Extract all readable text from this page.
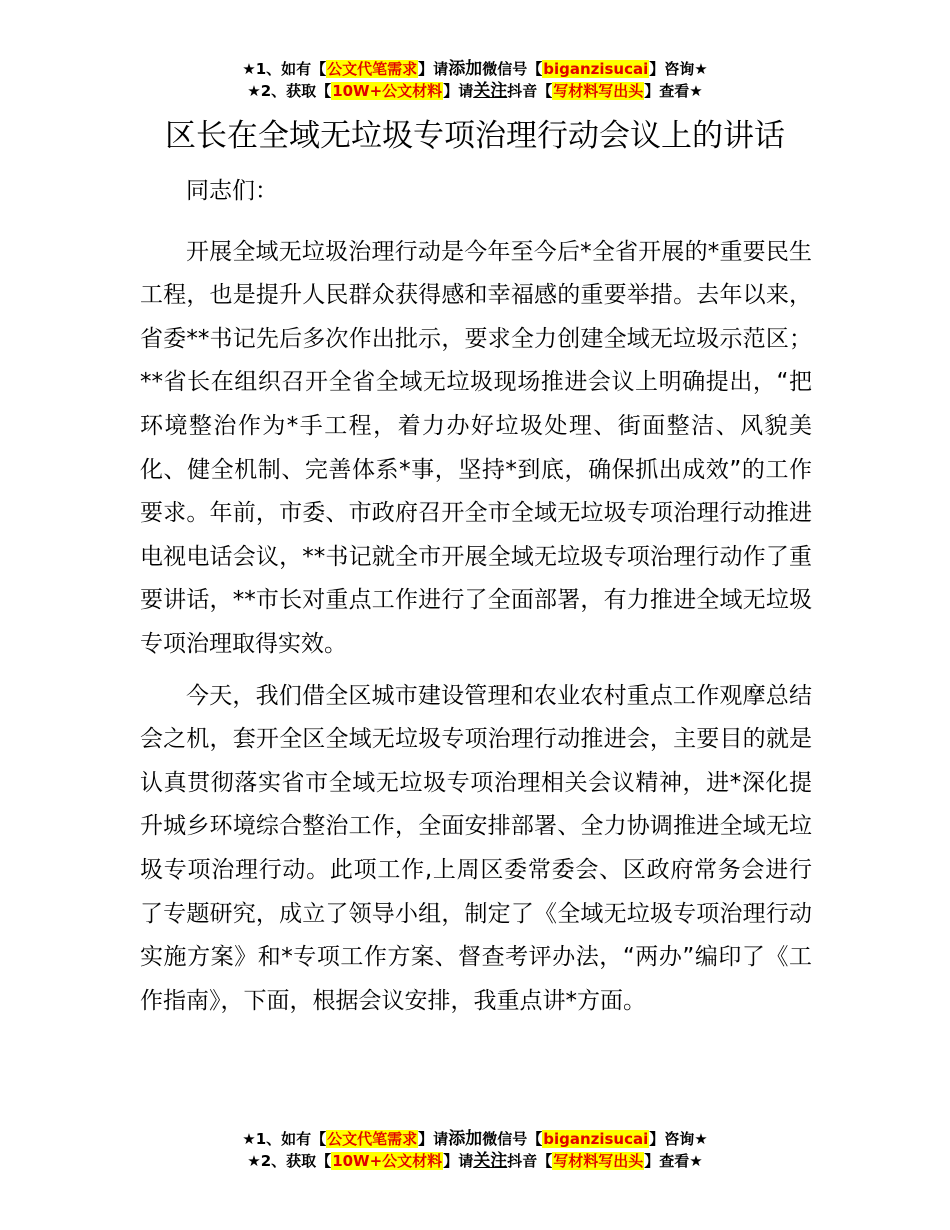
★1、如有【公文代笔需求】请添加微信号【biganzisucai】咨询★
★2、获取【10W+公文材料】请关注抖音【写材料写出头】查看★
区长在全域无垃圾专项治理行动会议上的讲话

同志们：

开展全域无垃圾治理行动是今年至今后*全省开展的*重要民生工程，也是提升人民群众获得感和幸福感的重要举措。去年以来，省委**书记先后多次作出批示，要求全力创建全域无垃圾示范区；**省长在组织召开全省全域无垃圾现场推进会议上明确提出，“把环境整治作为*手工程，着力办好垃圾处理、街面整洁、风貌美化、健全机制、完善体系*事，坚持*到底，确保抓出成效”的工作要求。年前，市委、市政府召开全市全域无垃圾专项治理行动推进电视电话会议，**书记就全市开展全域无垃圾专项治理行动作了重要讲话，**市长对重点工作进行了全面部署，有力推进全域无垃圾专项治理取得实效。

今天，我们借全区城市建设管理和农业农村重点工作观摩总结会之机，套开全区全域无垃圾专项治理行动推进会，主要目的就是认真贯彻落实省市全域无垃圾专项治理相关会议精神，进*深化提升城乡环境综合整治工作，全面安排部署、全力协调推进全域无垃圾专项治理行动。此项工作,上周区委常委会、区政府常务会进行了专题研究，成立了领导小组，制定了《全域无垃圾专项治理行动实施方案》和*专项工作方案、督查考评办法，“两办”编印了《工作指南》，下面，根据会议安排，我重点讲*方面。

★1、如有【公文代笔需求】请添加微信号【biganzisucai】咨询★
★2、获取【10W+公文材料】请关注抖音【写材料写出头】查看★
